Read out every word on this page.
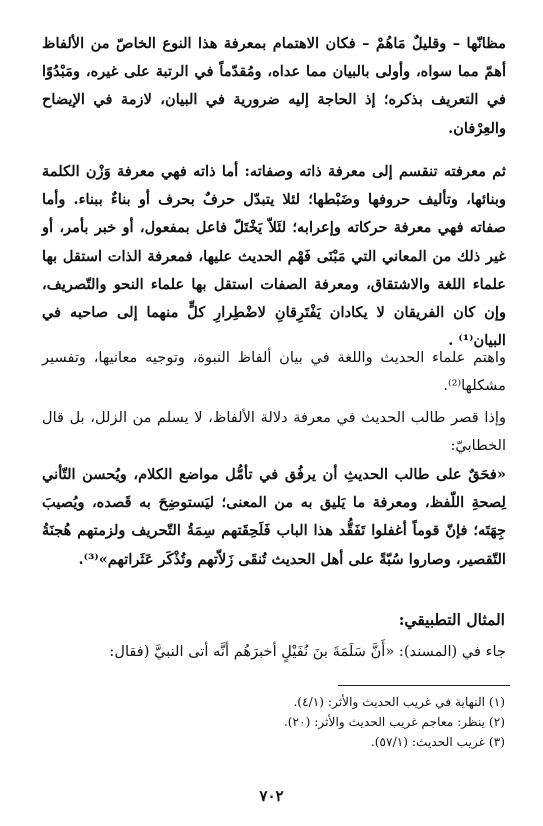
مظانّها – وقليلٌ مَاهُمْ – فكان الاهتمام بمعرفة هذا النوع الخاصّ من الألفاظ أهمّ مما سواه، وأولى بالبيان مما عداه، ومُقدّماً في الرتبة على غيره، ومَبْدُوًا في التعريف بذكره؛ إذ الحاجة إليه ضرورية في البيان، لازمة في الإيضاح والعِرْفان.

ثم معرفته تنقسم إلى معرفة ذاته وصفاته: أما ذاته فهي معرفة وَزْن الكلمة وبنائها، وتأليف حروفها وضَبْطها؛ لئلا يتبدّل حرفٌ بحرف أو بناءٌ ببناء. وأما صفاته فهي معرفة حركاته وإعرابه؛ لئَلاّ يَخْتَلّ فاعل بمفعول، أو خبر بأمر، أو غير ذلك من المعاني التي مَبْنَى فَهْم الحديث عليها، فمعرفة الذات استقل بها علماء اللغة والاشتقاق، ومعرفة الصفات استقل بها علماء النحو والتّصريف، وإن كان الفريقان لا يكادان يَفْتَرِقانِ لاضْطِرارِ كلٍّ منهما إلى صاحبه في البيان⁽¹⁾ .

واهتم علماء الحديث واللغة في بيان ألفاظ النبوة، وتوجيه معانيها، وتفسير مشكلها⁽²⁾.

وإذا قصر طالب الحديث في معرفة دلالة الألفاظ، لا يسلم من الزلل، بل قال الخطابيّ:

«فحَقٌ على طالب الحديثِ أن يرفُق في تأمُّل مواضع الكلام، ويُحسن التّأني لِصحةِ اللّفظ، ومعرفة ما يَليق به من المعنى؛ ليَستوضِحَ به قَصده، ويُصيبَ جِهَتَه؛ فإنّ قوماً أغفلوا تَفَقُّد هذا الباب فَلَحِقَتهم سِمَةُ التّحريف ولزمتهم هُجنَةُ التّقصير، وصاروا سُبّةً على أهل الحديث تُنقَى زَلاّتهم وتُذْكَر عَثَراتهم»⁽³⁾.

المثال التطبيقي:

جاء في (المسند): «أَنَّ سَلَمَةَ بنَ نُفَيْلٍ أخبرَهُم أنَّه أتى النبيَّ (فقال:

(١) النهاية في غريب الحديث والأثر: (٤/١).

(٢) ينظر: معاجم غريب الحديث والأثر: (٢٠).

(٣) غريب الحديث: (٥٧/١).

٧٠٢
